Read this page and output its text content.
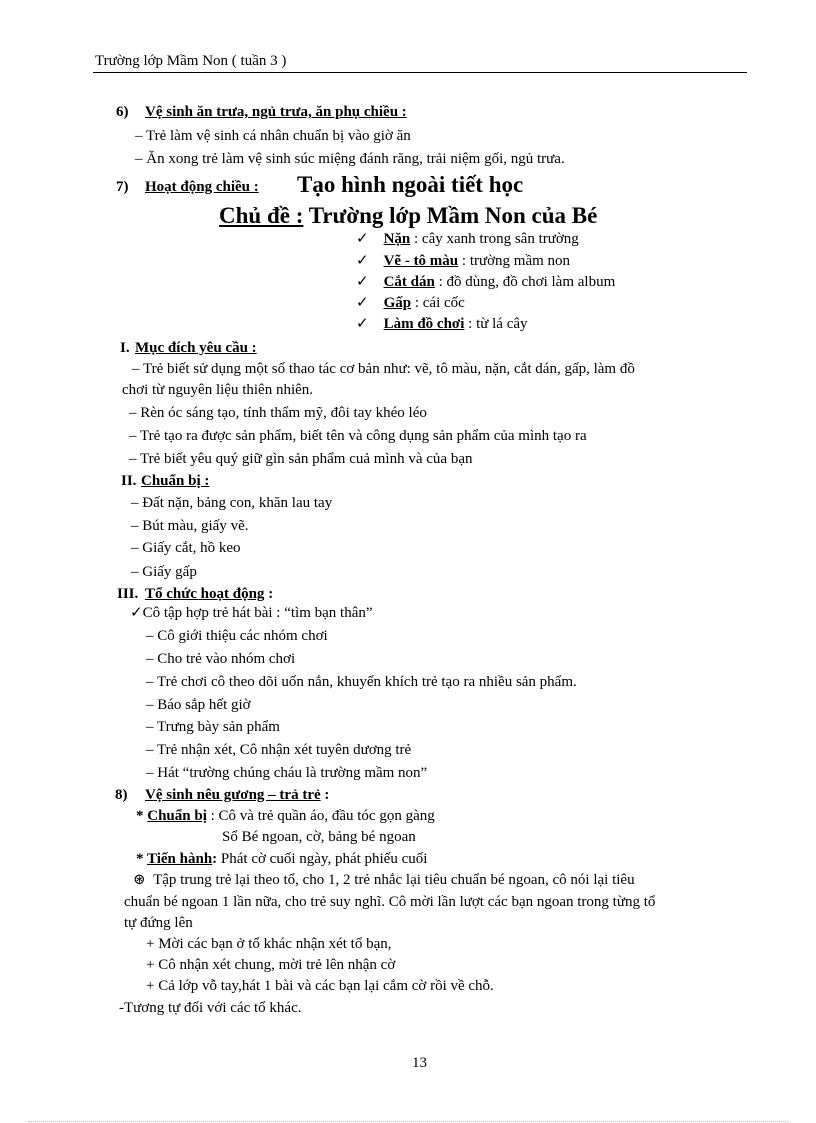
Trường lớp Mầm Non ( tuần 3 )
6) Vệ sinh ăn trưa, ngủ trưa, ăn phụ chiều :
– Trẻ làm vệ sinh cá nhân chuẩn bị vào giờ ăn
– Ăn xong trẻ làm vệ sinh súc miệng đánh răng, trải niệm gối, ngủ trưa.
7) Hoạt động chiều : Tạo hình ngoài tiết học
Chủ đề : Trường lớp Mầm Non của Bé
✓ Nặn : cây xanh trong sân trường
✓ Vẽ - tô màu : trường mầm non
✓ Cắt dán : đồ dùng, đồ chơi làm album
✓ Gấp : cái cốc
✓ Làm đồ chơi : từ lá cây
I. Mục đích yêu cầu :
– Trẻ biết sử dụng một số thao tác cơ bản như: vẽ, tô màu, nặn, cắt dán, gấp, làm đồ
chơi từ nguyên liệu thiên nhiên.
– Rèn óc sáng tạo, tính thẩm mỹ, đôi tay khéo léo
– Trẻ tạo ra được sản phẩm, biết tên và công dụng sản phẩm của mình tạo ra
– Trẻ biết yêu quý giữ gìn sản phẩm cuả mình và của bạn
II. Chuẩn bị :
– Đất nặn, bảng con, khăn lau tay
– Bút màu, giấy vẽ.
– Giấy cắt, hồ keo
– Giấy gấp
III. Tổ chức hoạt động :
✓Cô tập hợp trẻ hát bài : “tìm bạn thân”
– Cô giới thiệu các nhóm chơi
– Cho trẻ vào nhóm chơi
– Trẻ chơi cô theo dõi uốn nắn, khuyến khích trẻ tạo ra nhiều sản phẩm.
– Báo sắp hết giờ
– Trưng bày sản phẩm
– Trẻ nhận xét, Cô nhận xét tuyên dương trẻ
– Hát “trường chúng cháu là trường mầm non”
8) Vệ sinh nêu gương – trả trẻ :
* Chuẩn bị : Cô và trẻ quần áo, đầu tóc gọn gàng
Sổ Bé ngoan, cờ, bảng bé ngoan
* Tiến hành: Phát cờ cuối ngày, phát phiếu cuối
⊛ Tập trung trẻ lại theo tổ, cho 1, 2 trẻ nhắc lại tiêu chuẩn bé ngoan, cô nói lại tiêu
chuẩn bé ngoan 1 lần nữa, cho trẻ suy nghĩ. Cô mời lần lượt các bạn ngoan trong từng tổ
tự đứng lên
+ Mời các bạn ở tổ khác nhận xét tổ bạn,
+ Cô nhận xét chung, mời trẻ lên nhận cờ
+ Cả lớp vỗ tay,hát 1 bài và các bạn lại cắm cờ rồi về chỗ.
-Tương tự đối với các tổ khác.
13
